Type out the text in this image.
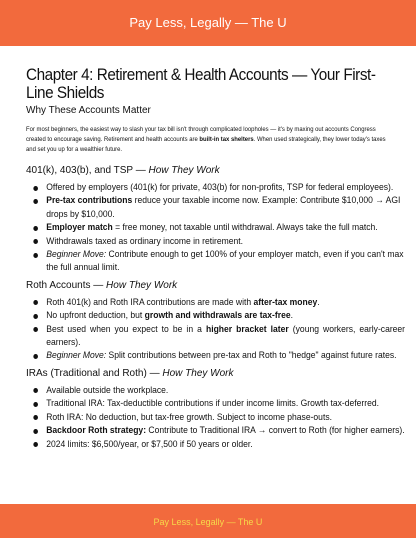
Pay Less, Legally — The U
Chapter 4: Retirement & Health Accounts — Your First-Line Shields
Why These Accounts Matter
For most beginners, the easiest way to slash your tax bill isn't through complicated loopholes — it's by maxing out accounts Congress created to encourage saving. Retirement and health accounts are built-in tax shelters. When used strategically, they lower today's taxes and set you up for a wealthier future.
401(k), 403(b), and TSP — How They Work
Offered by employers (401(k) for private, 403(b) for non-profits, TSP for federal employees).
Pre-tax contributions reduce your taxable income now. Example: Contribute $10,000 → AGI drops by $10,000.
Employer match = free money, not taxable until withdrawal. Always take the full match.
Withdrawals taxed as ordinary income in retirement.
Beginner Move: Contribute enough to get 100% of your employer match, even if you can't max the full annual limit.
Roth Accounts — How They Work
Roth 401(k) and Roth IRA contributions are made with after-tax money.
No upfront deduction, but growth and withdrawals are tax-free.
Best used when you expect to be in a higher bracket later (young workers, early-career earners).
Beginner Move: Split contributions between pre-tax and Roth to "hedge" against future rates.
IRAs (Traditional and Roth) — How They Work
Available outside the workplace.
Traditional IRA: Tax-deductible contributions if under income limits. Growth tax-deferred.
Roth IRA: No deduction, but tax-free growth. Subject to income phase-outs.
Backdoor Roth strategy: Contribute to Traditional IRA → convert to Roth (for higher earners).
2024 limits: $6,500/year, or $7,500 if 50 years or older.
Pay Less, Legally — The U
